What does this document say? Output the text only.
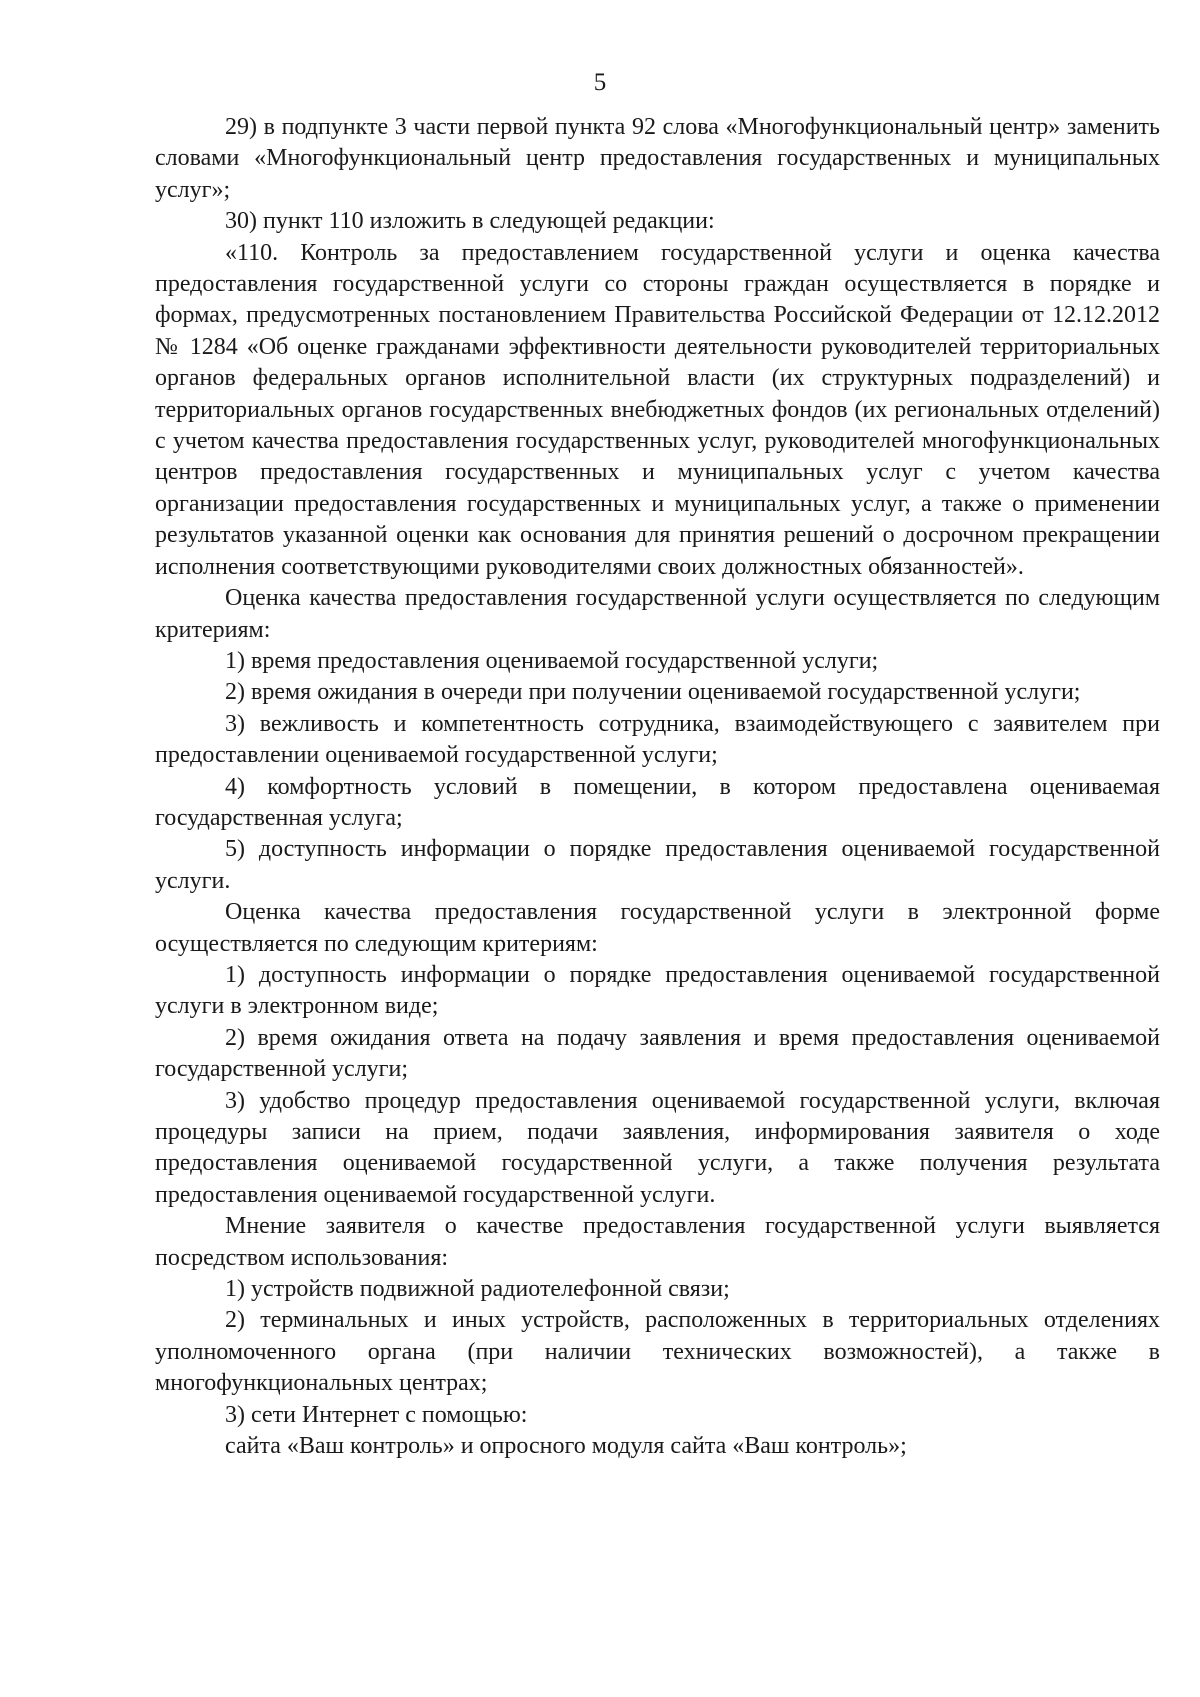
5

29) в подпункте 3 части первой пункта 92 слова «Многофункциональный центр» заменить словами «Многофункциональный центр предоставления государственных и муниципальных услуг»;

30) пункт 110 изложить в следующей редакции:

«110. Контроль за предоставлением государственной услуги и оценка качества предоставления государственной услуги со стороны граждан осуществляется в порядке и формах, предусмотренных постановлением Правительства Российской Федерации от 12.12.2012 № 1284 «Об оценке гражданами эффективности деятельности руководителей территориальных органов федеральных органов исполнительной власти (их структурных подразделений) и территориальных органов государственных внебюджетных фондов (их региональных отделений) с учетом качества предоставления государственных услуг, руководителей многофункциональных центров предоставления государственных и муниципальных услуг с учетом качества организации предоставления государственных и муниципальных услуг, а также о применении результатов указанной оценки как основания для принятия решений о досрочном прекращении исполнения соответствующими руководителями своих должностных обязанностей».

Оценка качества предоставления государственной услуги осуществляется по следующим критериям:

1) время предоставления оцениваемой государственной услуги;

2) время ожидания в очереди при получении оцениваемой государственной услуги;

3) вежливость и компетентность сотрудника, взаимодействующего с заявителем при предоставлении оцениваемой государственной услуги;

4) комфортность условий в помещении, в котором предоставлена оцениваемая государственная услуга;

5) доступность информации о порядке предоставления оцениваемой государственной услуги.

Оценка качества предоставления государственной услуги в электронной форме осуществляется по следующим критериям:

1) доступность информации о порядке предоставления оцениваемой государственной услуги в электронном виде;

2) время ожидания ответа на подачу заявления и время предоставления оцениваемой государственной услуги;

3) удобство процедур предоставления оцениваемой государственной услуги, включая процедуры записи на прием, подачи заявления, информирования заявителя о ходе предоставления оцениваемой государственной услуги, а также получения результата предоставления оцениваемой государственной услуги.

Мнение заявителя о качестве предоставления государственной услуги выявляется посредством использования:

1) устройств подвижной радиотелефонной связи;

2) терминальных и иных устройств, расположенных в территориальных отделениях уполномоченного органа (при наличии технических возможностей), а также в многофункциональных центрах;

3) сети Интернет с помощью:

сайта «Ваш контроль» и опросного модуля сайта «Ваш контроль»;
